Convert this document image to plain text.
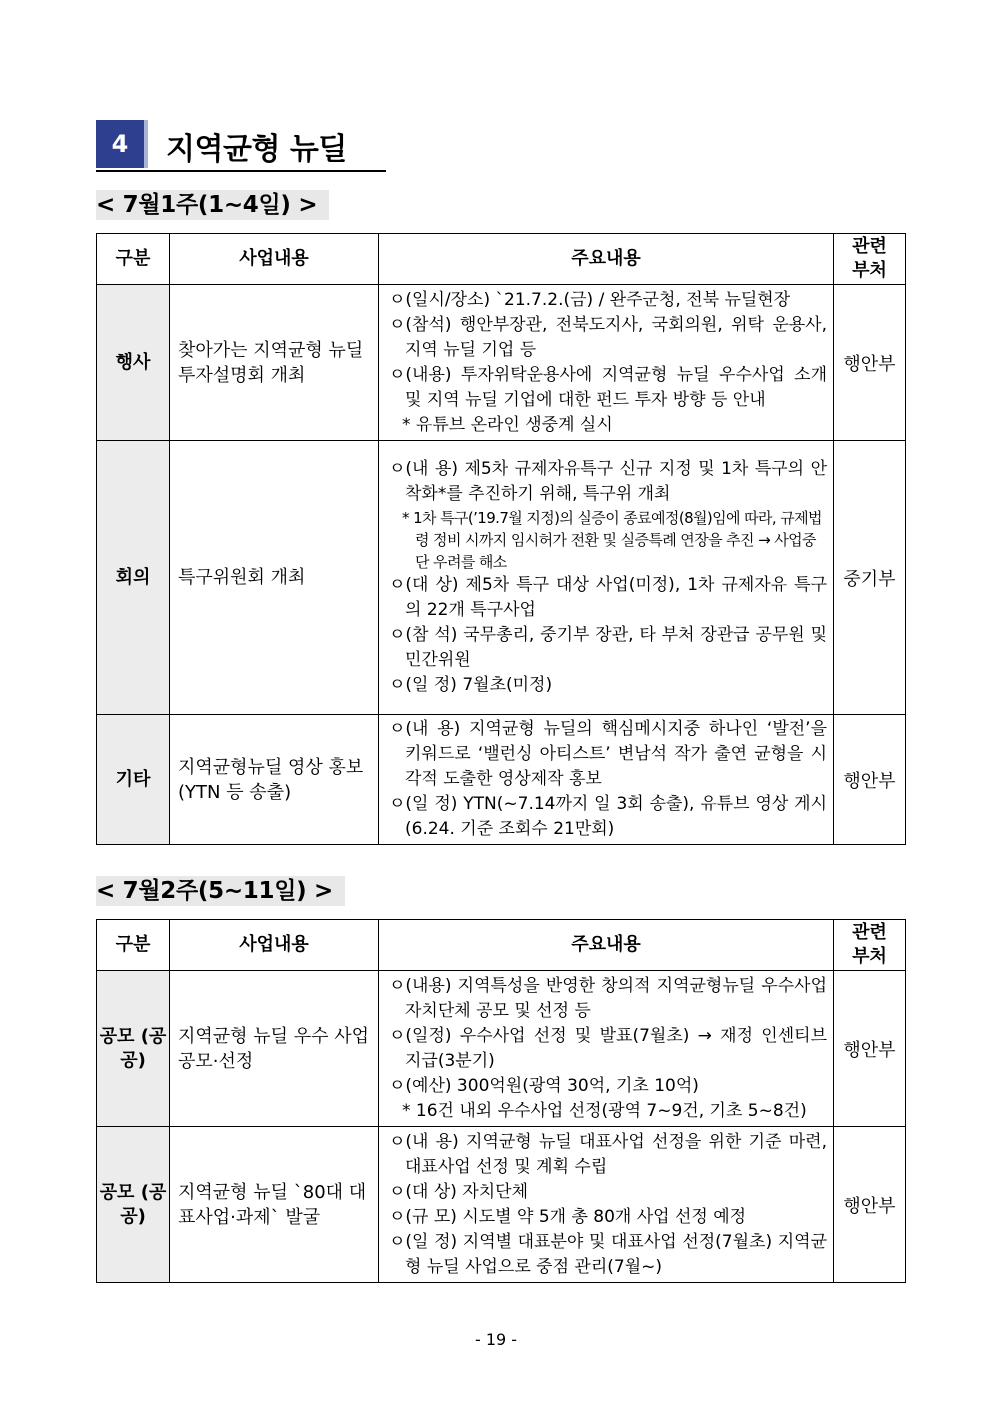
4	지역균형 뉴딜
< 7월1주(1~4일) >
구분	사업내용	주요내용	관련
부처
행사	찾아가는 지역균형 뉴딜 투자설명회 개최	ㅇ(일시/장소) `21.7.2.(금) / 완주군청, 전북 뉴딜현장
ㅇ(참석) 행안부장관, 전북도지사, 국회의원, 위탁 운용사, 지역 뉴딜 기업 등
ㅇ(내용) 투자위탁운용사에 지역균형 뉴딜 우수사업 소개 및 지역 뉴딜 기업에 대한 펀드 투자 방향 등 안내
* 유튜브 온라인 생중계 실시	행안부
회의	특구위원회 개최	ㅇ(내 용) 제5차 규제자유특구 신규 지정 및 1차 특구의 안착화*를 추진하기 위해, 특구위 개최
* 1차 특구(’19.7월 지정)의 실증이 종료예정(8월)임에 따라, 규제법령 정비 시까지 임시허가 전환 및 실증특례 연장을 추진 → 사업중단 우려를 해소
ㅇ(대 상) 제5차 특구 대상 사업(미정), 1차 규제자유 특구의 22개 특구사업
ㅇ(참 석) 국무총리, 중기부 장관, 타 부처 장관급 공무원 및 민간위원
ㅇ(일 정) 7월초(미정)	중기부
기타	지역균형뉴딜 영상 홍보(YTN 등 송출)	ㅇ(내 용) 지역균형 뉴딜의 핵심메시지중 하나인 ‘발전’을 키워드로 ‘밸런싱 아티스트’ 변남석 작가 출연 균형을 시각적 도출한 영상제작 홍보
ㅇ(일 정) YTN(~7.14까지 일 3회 송출), 유튜브 영상 게시(6.24. 기준 조회수 21만회)	행안부
< 7월2주(5~11일) >
구분	사업내용	주요내용	관련
부처
공모 (공공)	지역균형 뉴딜 우수 사업 공모·선정	ㅇ(내용) 지역특성을 반영한 창의적 지역균형뉴딜 우수사업 자치단체 공모 및 선정 등
ㅇ(일정) 우수사업 선정 및 발표(7월초) → 재정 인센티브 지급(3분기)
ㅇ(예산) 300억원(광역 30억, 기초 10억)
* 16건 내외 우수사업 선정(광역 7~9건, 기초 5~8건)	행안부
공모 (공공)	지역균형 뉴딜 `80대 대표사업·과제` 발굴	ㅇ(내 용) 지역균형 뉴딜 대표사업 선정을 위한 기준 마련, 대표사업 선정 및 계획 수립
ㅇ(대 상) 자치단체
ㅇ(규 모) 시도별 약 5개 총 80개 사업 선정 예정
ㅇ(일 정) 지역별 대표분야 및 대표사업 선정(7월초) 지역균형 뉴딜 사업으로 중점 관리(7월~)	행안부
- 19 -
